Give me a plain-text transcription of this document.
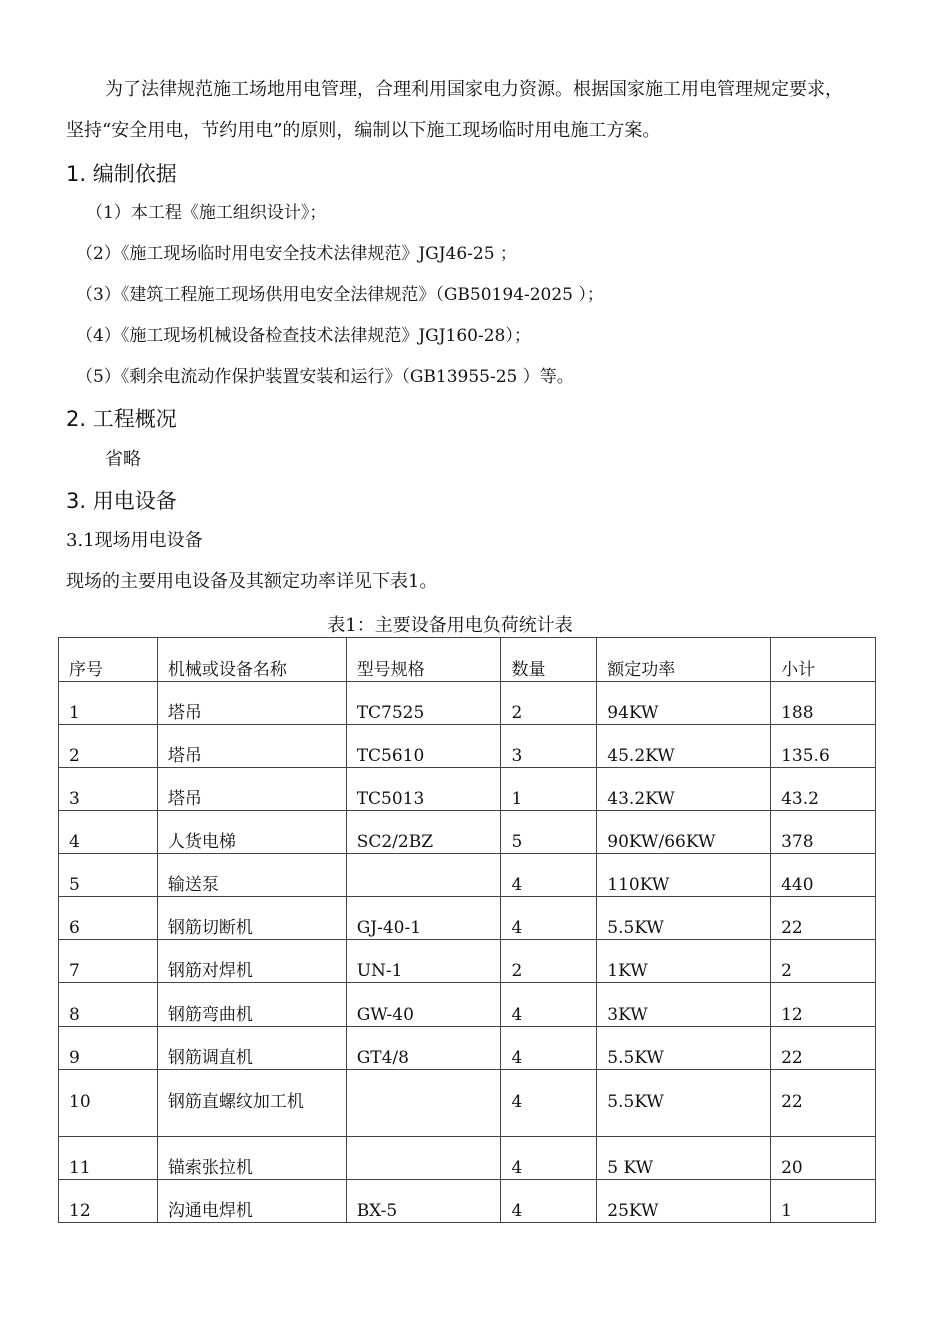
为了法律规范施工场地用电管理，合理利用国家电力资源。根据国家施工用电管理规定要求，
坚持“安全用电，节约用电”的原则，编制以下施工现场临时用电施工方案。
1. 编制依据
（1）本工程《施工组织设计》；
（2）《施工现场临时用电安全技术法律规范》JGJ46-25 ；
（3）《建筑工程施工现场供用电安全法律规范》（GB50194-2025 ）；
（4）《施工现场机械设备检查技术法律规范》JGJ160-28）；
（5）《剩余电流动作保护装置安装和运行》（GB13955-25 ）等。
2. 工程概况
省略
3. 用电设备
3.1现场用电设备
现场的主要用电设备及其额定功率详见下表1。
表1：主要设备用电负荷统计表
序号	机械或设备名称	型号规格	数量	额定功率	小计

1	塔吊	TC7525	2	94KW	188

2	塔吊	TC5610	3	45.2KW	135.6

3	塔吊	TC5013	1	43.2KW	43.2

4	人货电梯	SC2/2BZ	5	90KW/66KW	378

5	输送泵		4	110KW	440

6	钢筋切断机	GJ-40-1	4	5.5KW	22

7	钢筋对焊机	UN-1	2	1KW	2

8	钢筋弯曲机	GW-40	4	3KW	12

9	钢筋调直机	GT4/8	4	5.5KW	22

10	钢筋直螺纹加工机		4	5.5KW	22

11	锚索张拉机		4	5 KW	20

12	沟通电焊机	BX-5	4	25KW	1
